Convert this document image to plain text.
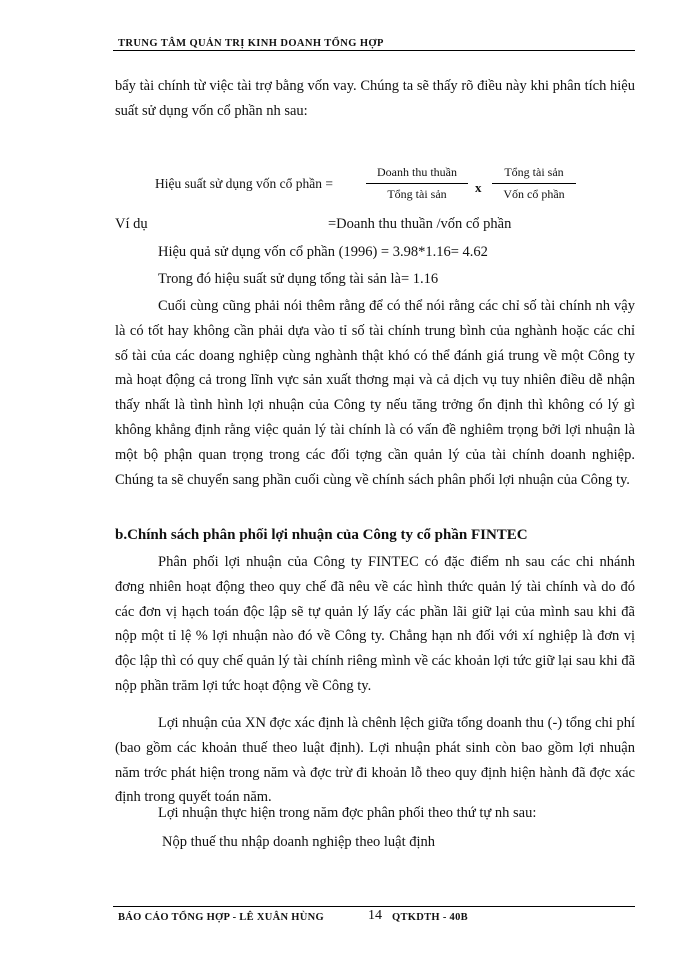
TRUNG TÂM QUẢN TRỊ KINH DOANH TỔNG HỢP

bẩy tài chính từ việc tài trợ bằng vốn vay. Chúng ta sẽ thấy rõ điều này khi phân tích hiệu suất sử dụng vốn cổ phần nh sau:

Hiệu suất sử dụng vốn cổ phần =
Doanh thu thuần
Tổng tài sản	x
Tổng tài sản
Vốn cổ phần
Ví dụ	=Doanh thu thuần /vốn cổ phần
Hiệu quả sử dụng vốn cổ phần (1996) = 3.98*1.16= 4.62
Trong đó hiệu suất sử dụng tổng tài sản là= 1.16

Cuối cùng cũng phải nói thêm rằng để có thể nói rằng các chỉ số tài chính nh vậy là có tốt hay không cần phải dựa vào tỉ số tài chính trung bình của nghành hoặc các chỉ số tài của các doang nghiệp cùng nghành thật khó có thể đánh giá trung về một Công ty mà hoạt động cả trong lĩnh vực sản xuất thơng mại và cả dịch vụ tuy nhiên điều dễ nhận thấy nhất là tình hình lợi nhuận của Công ty nếu tăng trởng ổn định thì không có lý gì không khẳng định rằng việc quản lý tài chính là có vấn đề nghiêm trọng bởi lợi nhuận là một bộ phận quan trọng trong các đối tợng cần quản lý của tài chính doanh nghiệp. Chúng ta sẽ chuyển sang phần cuối cùng về chính sách phân phối lợi nhuận của Công ty.

b.Chính sách phân phối lợi nhuận của Công ty cổ phần FINTEC

Phân phối lợi nhuận của Công ty FINTEC có đặc điểm nh sau các chi nhánh đơng nhiên hoạt động theo quy chế đã nêu về các hình thức quản lý tài chính và do đó các đơn vị hạch toán độc lập sẽ tự quản lý lấy các phần lãi giữ lại của mình sau khi đã nộp một tỉ lệ % lợi nhuận nào đó về Công ty. Chẳng hạn nh đối với xí nghiệp là đơn vị độc lập thì có quy chế quản lý tài chính riêng mình về các khoản lợi tức giữ lại sau khi đã nộp phần trăm lợi tức hoạt động về Công ty.

Lợi nhuận của XN đợc xác định là chênh lệch giữa tổng doanh thu (-) tổng chi phí (bao gồm các khoản thuế theo luật định). Lợi nhuận phát sinh còn bao gồm lợi nhuận năm trớc phát hiện trong năm và đợc trừ đi khoản lỗ theo quy định hiện hành đã đợc xác định trong quyết toán năm.

Lợi nhuận thực hiện trong năm đợc phân phối theo thứ tự nh sau:
Nộp thuế thu nhập doanh nghiệp theo luật định
BÁO CÁO TỔNG HỢP - LÊ XUÂN HÙNG	14 QTKDTH - 40B
